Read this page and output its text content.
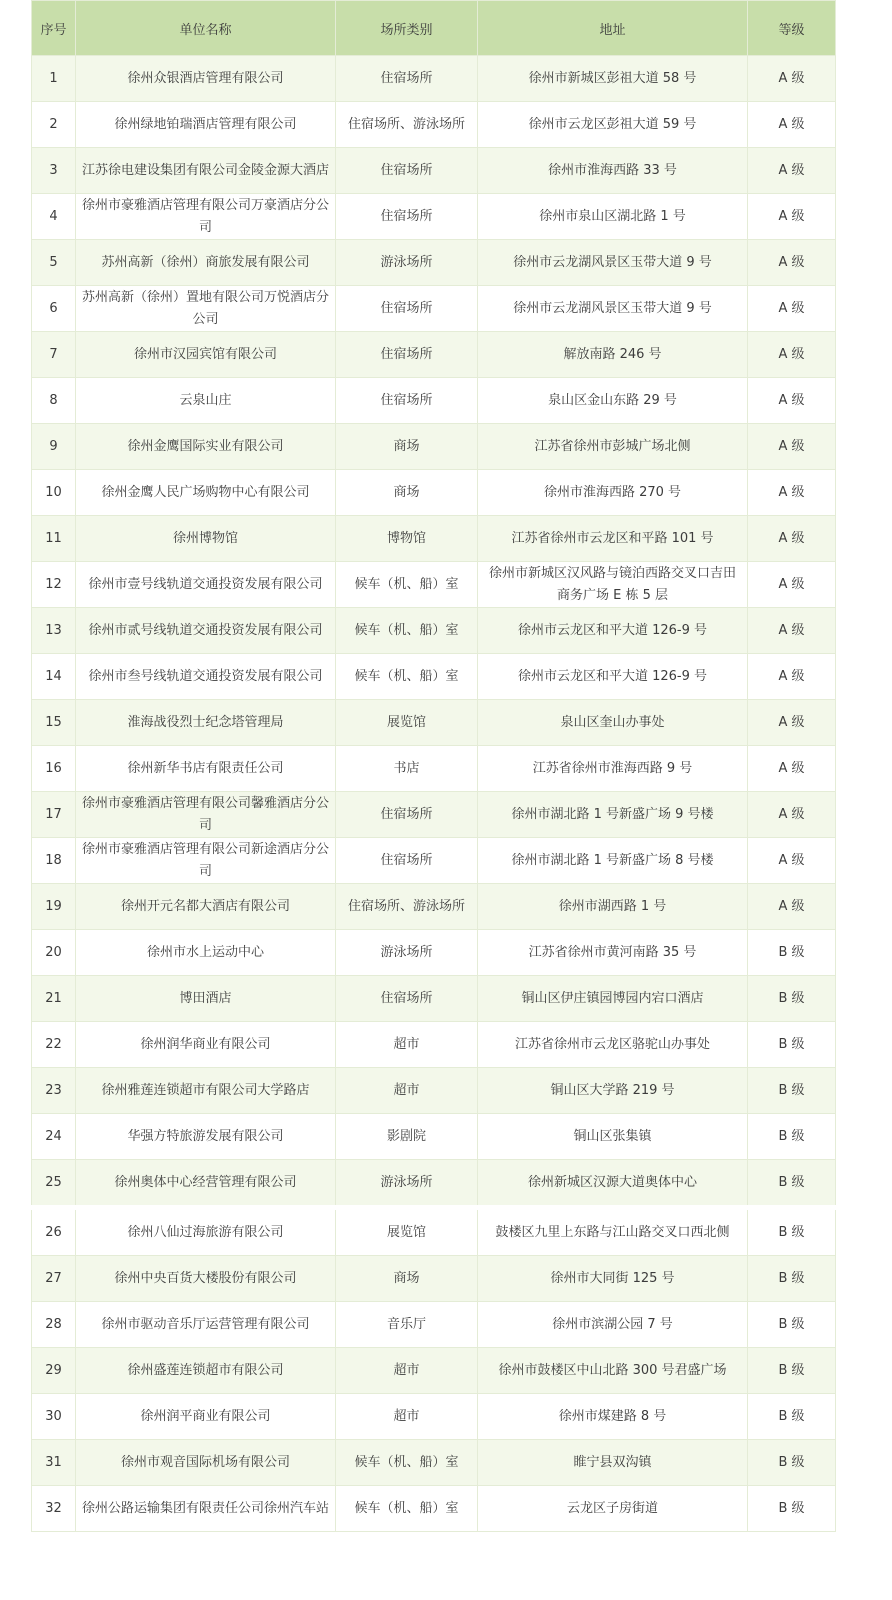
序号	单位名称	场所类别	地址	等级
1	徐州众银酒店管理有限公司	住宿场所	徐州市新城区彭祖大道 58 号	A 级
2	徐州绿地铂瑞酒店管理有限公司	住宿场所、游泳场所	徐州市云龙区彭祖大道 59 号	A 级
3	江苏徐电建设集团有限公司金陵金源大酒店	住宿场所	徐州市淮海西路 33 号	A 级
4	徐州市豪雅酒店管理有限公司万豪酒店分公司	住宿场所	徐州市泉山区湖北路 1 号	A 级
5	苏州高新（徐州）商旅发展有限公司	游泳场所	徐州市云龙湖风景区玉带大道 9 号	A 级
6	苏州高新（徐州）置地有限公司万悦酒店分公司	住宿场所	徐州市云龙湖风景区玉带大道 9 号	A 级
7	徐州市汉园宾馆有限公司	住宿场所	解放南路 246 号	A 级
8	云泉山庄	住宿场所	泉山区金山东路 29 号	A 级
9	徐州金鹰国际实业有限公司	商场	江苏省徐州市彭城广场北侧	A 级
10	徐州金鹰人民广场购物中心有限公司	商场	徐州市淮海西路 270 号	A 级
11	徐州博物馆	博物馆	江苏省徐州市云龙区和平路 101 号	A 级
12	徐州市壹号线轨道交通投资发展有限公司	候车（机、船）室	徐州市新城区汉风路与镜泊西路交叉口吉田商务广场 E 栋 5 层	A 级
13	徐州市贰号线轨道交通投资发展有限公司	候车（机、船）室	徐州市云龙区和平大道 126-9 号	A 级
14	徐州市叁号线轨道交通投资发展有限公司	候车（机、船）室	徐州市云龙区和平大道 126-9 号	A 级
15	淮海战役烈士纪念塔管理局	展览馆	泉山区奎山办事处	A 级
16	徐州新华书店有限责任公司	书店	江苏省徐州市淮海西路 9 号	A 级
17	徐州市豪雅酒店管理有限公司馨雅酒店分公司	住宿场所	徐州市湖北路 1 号新盛广场 9 号楼	A 级
18	徐州市豪雅酒店管理有限公司新途酒店分公司	住宿场所	徐州市湖北路 1 号新盛广场 8 号楼	A 级
19	徐州开元名都大酒店有限公司	住宿场所、游泳场所	徐州市湖西路 1 号	A 级
20	徐州市水上运动中心	游泳场所	江苏省徐州市黄河南路 35 号	B 级
21	博田酒店	住宿场所	铜山区伊庄镇园博园内宕口酒店	B 级
22	徐州润华商业有限公司	超市	江苏省徐州市云龙区骆驼山办事处	B 级
23	徐州雅莲连锁超市有限公司大学路店	超市	铜山区大学路 219 号	B 级
24	华强方特旅游发展有限公司	影剧院	铜山区张集镇	B 级
25	徐州奥体中心经营管理有限公司	游泳场所	徐州新城区汉源大道奥体中心	B 级
26	徐州八仙过海旅游有限公司	展览馆	鼓楼区九里上东路与江山路交叉口西北侧	B 级
27	徐州中央百货大楼股份有限公司	商场	徐州市大同街 125 号	B 级
28	徐州市驱动音乐厅运营管理有限公司	音乐厅	徐州市滨湖公园 7 号	B 级
29	徐州盛莲连锁超市有限公司	超市	徐州市鼓楼区中山北路 300 号君盛广场	B 级
30	徐州润平商业有限公司	超市	徐州市煤建路 8 号	B 级
31	徐州市观音国际机场有限公司	候车（机、船）室	睢宁县双沟镇	B 级
32	徐州公路运输集团有限责任公司徐州汽车站	候车（机、船）室	云龙区子房街道	B 级
